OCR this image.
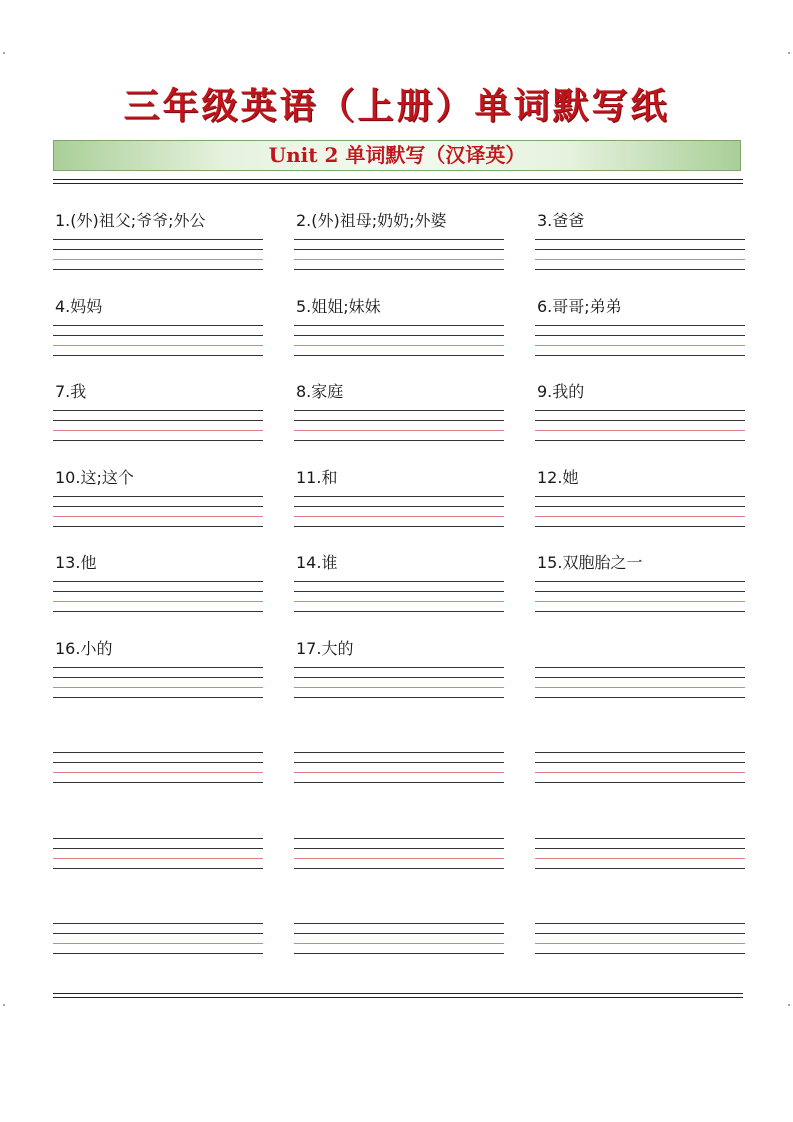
三年级英语（上册）单词默写纸
Unit 2 单词默写（汉译英）
1.(外)祖父;爷爷;外公	2.(外)祖母;奶奶;外婆	3.爸爸
4.妈妈	5.姐姐;妹妹	6.哥哥;弟弟
7.我	8.家庭	9.我的
10.这;这个	11.和	12.她
13.他	14.谁	15.双胞胎之一
16.小的	17.大的
